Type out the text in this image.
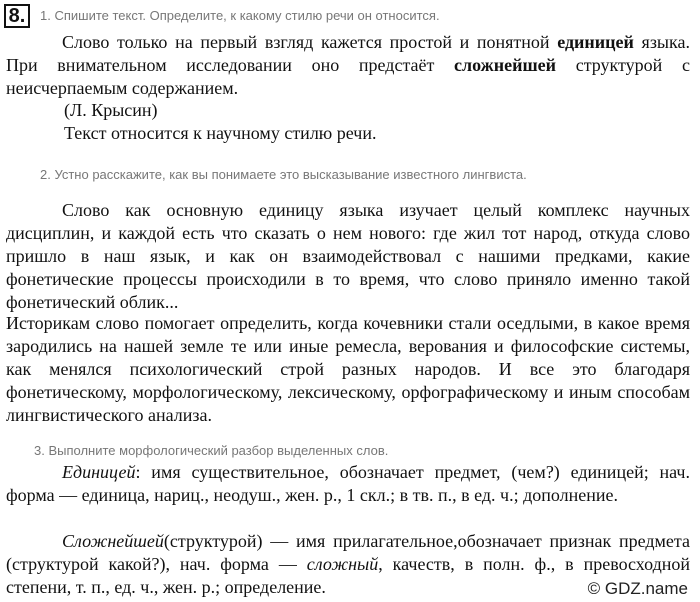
8.	1. Спишите текст. Определите, к какому стилю речи он относится.

Слово только на первый взгляд кажется простой и понятной единицей языка. При внимательном исследовании оно предстаёт сложнейшей структурой с неисчерпаемым содержанием.

(Л. Крысин)

Текст относится к научному стилю речи.

2. Устно расскажите, как вы понимаете это высказывание известного лингвиста.

Слово как основную единицу языка изучает целый комплекс научных дисциплин, и каждой есть что сказать о нем нового: где жил тот народ, откуда слово пришло в наш язык, и как он взаимодействовал с нашими предками, какие фонетические процессы происходили в то время, что слово приняло именно такой фонетический облик...

Историкам слово помогает определить, когда кочевники стали оседлыми, в какое время зародились на нашей земле те или иные ремесла, верования и философские системы, как менялся психологический строй разных народов. И все это благодаря фонетическому, морфологическому, лексическому, орфографическому и иным способам лингвистического анализа.

3. Выполните морфологический разбор выделенных слов.

Единицей: имя существительное, обозначает предмет, (чем?) единицей; нач. форма — единица, нариц., неодуш., жен. р., 1 скл.; в тв. п., в ед. ч.; дополнение.

Сложнейшей(структурой) — имя прилагательное,обозначает признак предмета (структурой какой?), нач. форма — сложный, качеств, в полн. ф., в превосходной степени, т. п., ед. ч., жен. р.; определение.	© GDZ.name
